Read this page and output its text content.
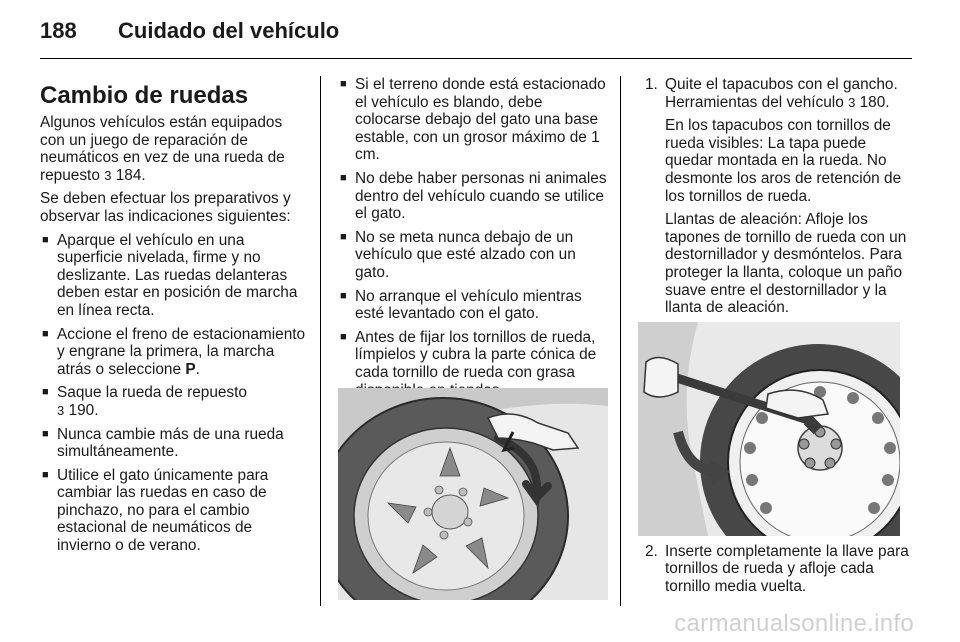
188 Cuidado del vehículo
Cambio de ruedas

Algunos vehículos están equipados con un juego de reparación de neumáticos en vez de una rueda de repuesto 3 184.

Se deben efectuar los preparativos y observar las indicaciones siguientes:

■ Aparque el vehículo en una superficie nivelada, firme y no deslizante. Las ruedas delanteras deben estar en posición de marcha en línea recta.
■ Accione el freno de estacionamiento y engrane la primera, la marcha atrás o seleccione P.
■ Saque la rueda de repuesto
3 190.
■ Nunca cambie más de una rueda simultáneamente.
■ Utilice el gato únicamente para cambiar las ruedas en caso de pinchazo, no para el cambio estacional de neumáticos de invierno o de verano.
■ Si el terreno donde está estacionado el vehículo es blando, debe colocarse debajo del gato una base estable, con un grosor máximo de 1 cm.
■ No debe haber personas ni animales dentro del vehículo cuando se utilice el gato.
■ No se meta nunca debajo de un vehículo que esté alzado con un gato.
■ No arranque el vehículo mientras esté levantado con el gato.
■ Antes de fijar los tornillos de rueda, límpielos y cubra la parte cónica de cada tornillo de rueda con grasa
1. Quite el tapacubos con el gancho. Herramientas del vehículo 3 180.

En los tapacubos con tornillos de rueda visibles: La tapa puede quedar montada en la rueda. No desmonte los aros de retención de los tornillos de rueda.

Llantas de aleación: Afloje los tapones de tornillo de rueda con un destornillador y desmóntelos. Para proteger la llanta, coloque un paño suave entre el destornillador y la llanta de aleación.

2. Inserte completamente la llave para tornillos de rueda y afloje cada tornillo media vuelta.

carmanualsonline.info
